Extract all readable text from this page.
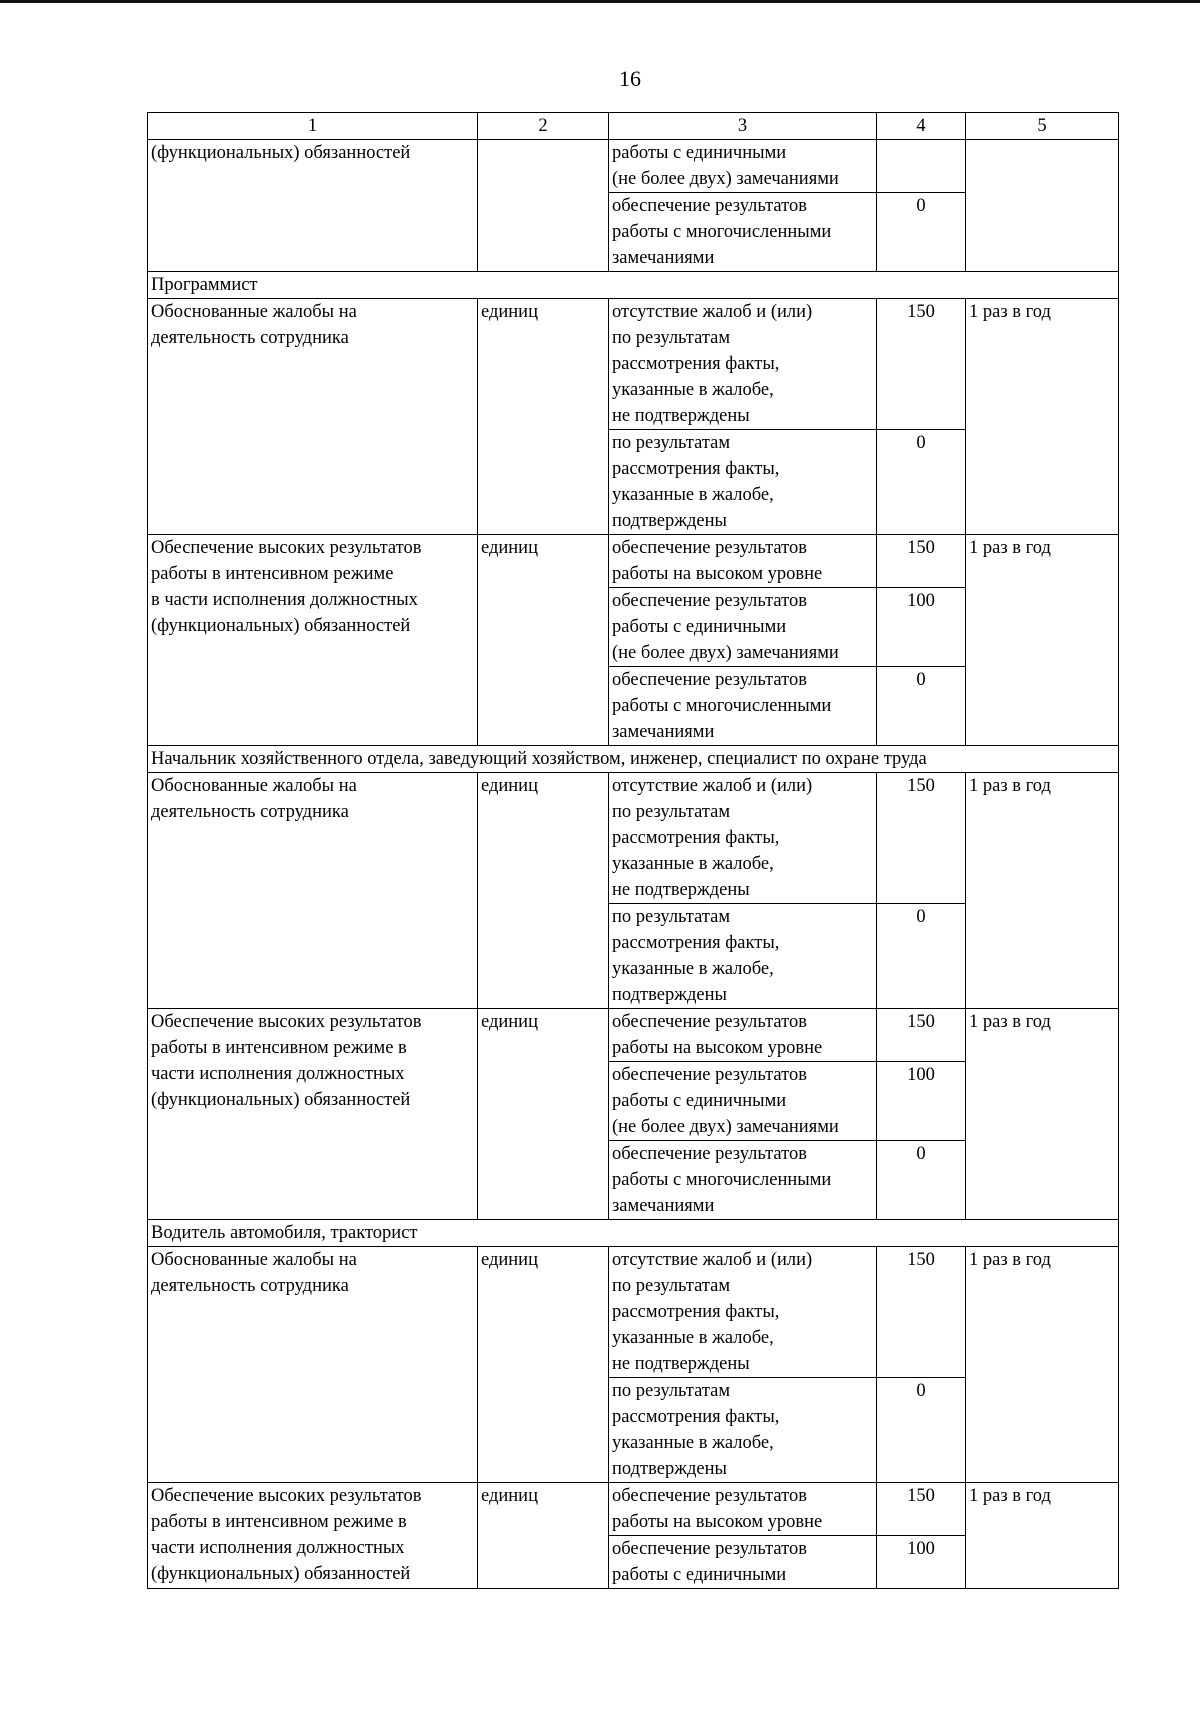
16
1	2	3	4	5

(функциональных) обязанностей		работы с единичными
(не более двух) замечаниями		

		обеспечение результатов
работы с многочисленными
замечаниями	0	

Программист				

Обоснованные жалобы на
деятельность сотрудника	единиц	отсутствие жалоб и (или)
по результатам
рассмотрения факты,
указанные в жалобе,
не подтверждены	150	1 раз в год

		по результатам
рассмотрения факты,
указанные в жалобе,
подтверждены	0	

Обеспечение высоких результатов
работы в интенсивном режиме
в части исполнения должностных
(функциональных) обязанностей	единиц	обеспечение результатов
работы на высоком уровне	150	1 раз в год

		обеспечение результатов
работы с единичными
(не более двух) замечаниями	100	

		обеспечение результатов
работы с многочисленными
замечаниями	0	

Начальник хозяйственного отдела, заведующий хозяйством, инженер, специалист по охране труда				

Обоснованные жалобы на
деятельность сотрудника	единиц	отсутствие жалоб и (или)
по результатам
рассмотрения факты,
указанные в жалобе,
не подтверждены	150	1 раз в год

		по результатам
рассмотрения факты,
указанные в жалобе,
подтверждены	0	

Обеспечение высоких результатов
работы в интенсивном режиме в
части исполнения должностных
(функциональных) обязанностей	единиц	обеспечение результатов
работы на высоком уровне	150	1 раз в год

		обеспечение результатов
работы с единичными
(не более двух) замечаниями	100	

		обеспечение результатов
работы с многочисленными
замечаниями	0	

Водитель автомобиля, тракторист				

Обоснованные жалобы на
деятельность сотрудника	единиц	отсутствие жалоб и (или)
по результатам
рассмотрения факты,
указанные в жалобе,
не подтверждены	150	1 раз в год

		по результатам
рассмотрения факты,
указанные в жалобе,
подтверждены	0	

Обеспечение высоких результатов
работы в интенсивном режиме в
части исполнения должностных
(функциональных) обязанностей	единиц	обеспечение результатов
работы на высоком уровне	150	1 раз в год

		обеспечение результатов
работы с единичными	100	
